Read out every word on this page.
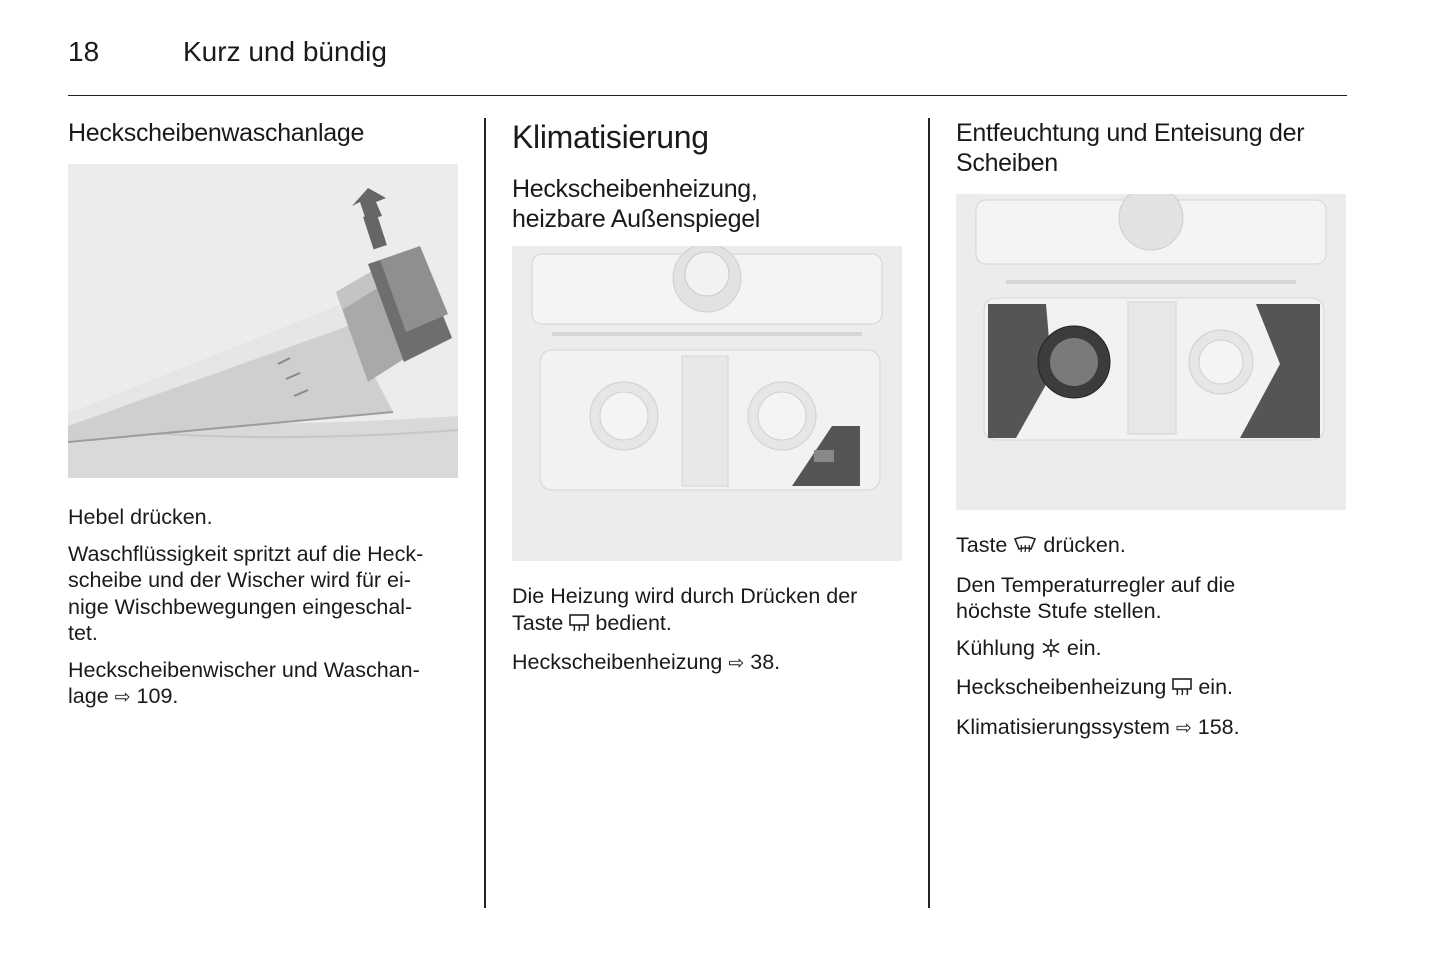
18	Kurz und bündig
Heckscheibenwaschanlage

Hebel drücken.

Waschflüssigkeit spritzt auf die Heck-
scheibe und der Wischer wird für ei-
nige Wischbewegungen eingeschal-
tet.

Heckscheibenwischer und Waschan-
lage ⇨ 109.

Klimatisierung
Heckscheibenheizung,
heizbare Außenspiegel

Die Heizung wird durch Drücken der
Taste bedient.

Heckscheibenheizung ⇨ 38.

Entfeuchtung und Enteisung der
Scheiben

Taste drücken.

Den Temperaturregler auf die
höchste Stufe stellen.

Kühlung ein.

Heckscheibenheizung ein.

Klimatisierungssystem ⇨ 158.
